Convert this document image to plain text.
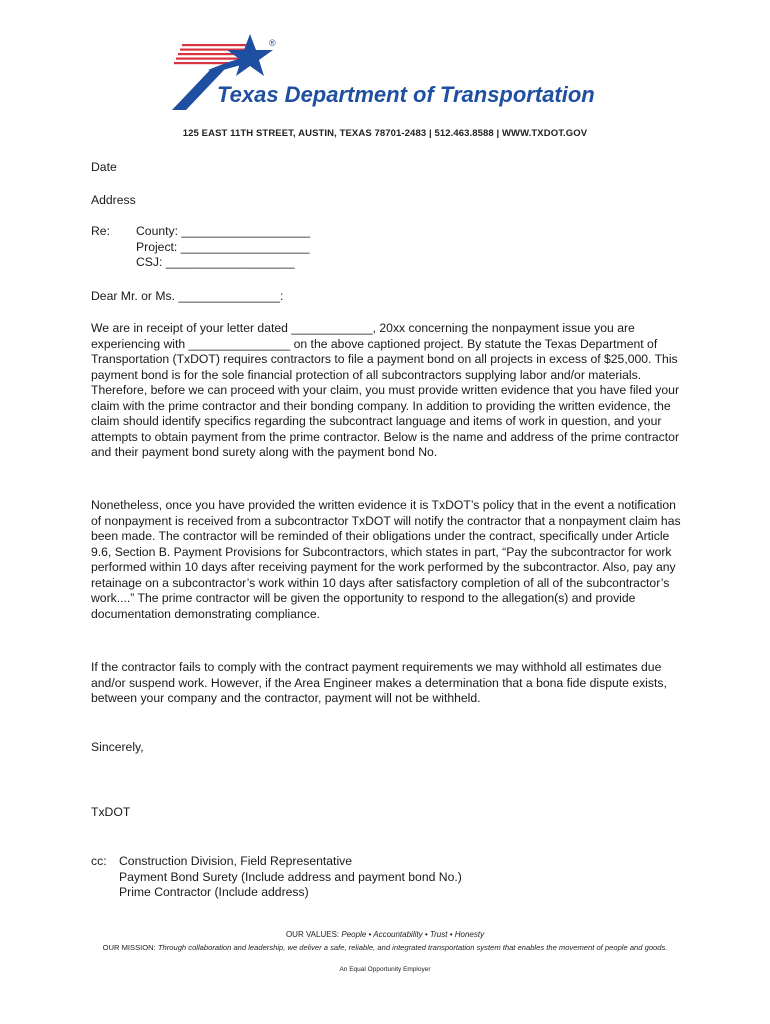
®
Texas Department of Transportation
125 EAST 11TH STREET, AUSTIN, TEXAS 78701-2483 | 512.463.8588 | WWW.TXDOT.GOV
Date
Address
Re: County: ___________________
Project: ___________________
CSJ: ___________________
Dear Mr. or Ms. _______________:

We are in receipt of your letter dated ____________, 20xx concerning the nonpayment issue you are experiencing with _______________ on the above captioned project. By statute the Texas Department of Transportation (TxDOT) requires contractors to file a payment bond on all projects in excess of $25,000. This payment bond is for the sole financial protection of all subcontractors supplying labor and/or materials. Therefore, before we can proceed with your claim, you must provide written evidence that you have filed your claim with the prime contractor and their bonding company. In addition to providing the written evidence, the claim should identify specifics regarding the subcontract language and items of work in question, and your attempts to obtain payment from the prime contractor. Below is the name and address of the prime contractor and their payment bond surety along with the payment bond No.

Nonetheless, once you have provided the written evidence it is TxDOT’s policy that in the event a notification of nonpayment is received from a subcontractor TxDOT will notify the contractor that a nonpayment claim has been made. The contractor will be reminded of their obligations under the contract, specifically under Article 9.6, Section B. Payment Provisions for Subcontractors, which states in part, “Pay the subcontractor for work performed within 10 days after receiving payment for the work performed by the subcontractor. Also, pay any retainage on a subcontractor’s work within 10 days after satisfactory completion of all of the subcontractor’s work....” The prime contractor will be given the opportunity to respond to the allegation(s) and provide documentation demonstrating compliance.

If the contractor fails to comply with the contract payment requirements we may withhold all estimates due and/or suspend work. However, if the Area Engineer makes a determination that a bona fide dispute exists, between your company and the contractor, payment will not be withheld.

Sincerely,
TxDOT
cc: Construction Division, Field Representative
Payment Bond Surety (Include address and payment bond No.)
Prime Contractor (Include address)
OUR VALUES: People • Accountability • Trust • Honesty
OUR MISSION: Through collaboration and leadership, we deliver a safe, reliable, and integrated transportation system that enables the movement of people and goods.
An Equal Opportunity Employer
